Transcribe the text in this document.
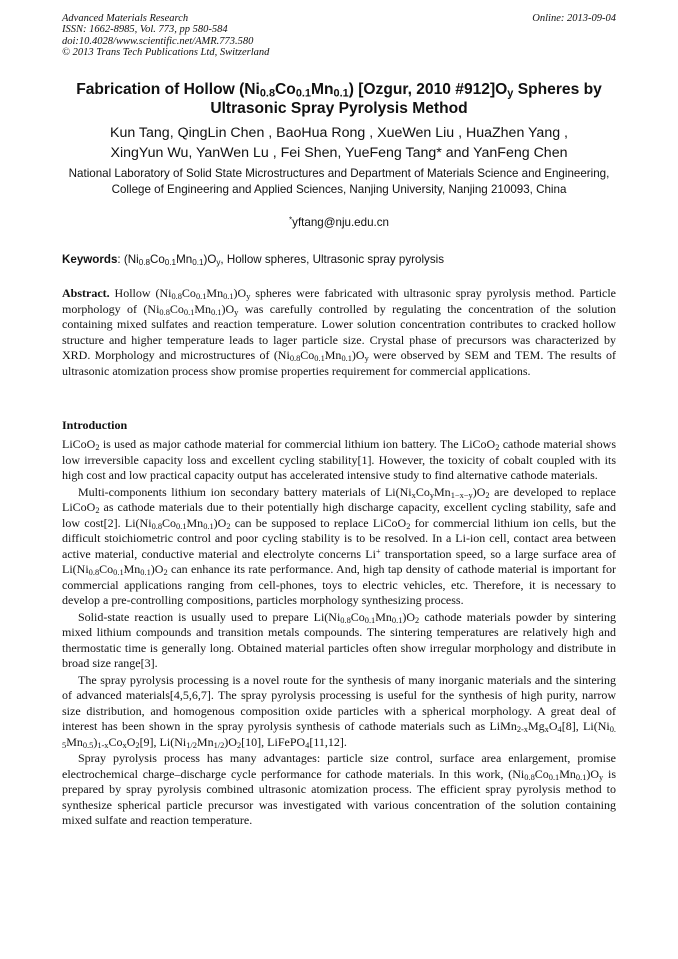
Advanced Materials Research
ISSN: 1662-8985, Vol. 773, pp 580-584
doi:10.4028/www.scientific.net/AMR.773.580
© 2013 Trans Tech Publications Ltd, Switzerland
Online: 2013-09-04
Fabrication of Hollow $(Ni_{0.8}Co_{0.1}Mn_{0.1})$ [Ozgur, 2010 $\#912]O_y$ Spheres by Ultrasonic Spray Pyrolysis Method
Kun Tang, QingLin Chen , BaoHua Rong , XueWen Liu , HuaZhen Yang ,
XingYun Wu, YanWen Lu , Fei Shen, YueFeng Tang* and YanFeng Chen
National Laboratory of Solid State Microstructures and Department of Materials Science and Engineering, College of Engineering and Applied Sciences, Nanjing University, Nanjing 210093, China
*yftang@nju.edu.cn
Keywords: $(Ni_{0.8}Co_{0.1}Mn_{0.1})O_y$, Hollow spheres, Ultrasonic spray pyrolysis
Abstract. Hollow $(Ni_{0.8}Co_{0.1}Mn_{0.1})O_y$ spheres were fabricated with ultrasonic spray pyrolysis method. Particle morphology of $(Ni_{0.8}Co_{0.1}Mn_{0.1})O_y$ was carefully controlled by regulating the concentration of the solution containing mixed sulfates and reaction temperature. Lower solution concentration contributes to cracked hollow structure and higher temperature leads to lager particle size. Crystal phase of precursors was characterized by XRD. Morphology and microstructures of $(Ni_{0.8}Co_{0.1}Mn_{0.1})O_y$ were observed by SEM and TEM. The results of ultrasonic atomization process show promise properties requirement for commercial applications.
Introduction

LiCoO$_2$ is used as major cathode material for commercial lithium ion battery. The LiCoO$_2$ cathode material shows low irreversible capacity loss and excellent cycling stability[1]. However, the toxicity of cobalt coupled with its high cost and low practical capacity output has accelerated intensive study to find alternative cathode materials.

Multi-components lithium ion secondary battery materials of $Li(Ni_xCo_yMn_{1-x-y})O_2$ are developed to replace LiCoO$_2$ as cathode materials due to their potentially high discharge capacity, excellent cycling stability, safe and low cost[2]. $Li(Ni_{0.8}Co_{0.1}Mn_{0.1})O_2$ can be supposed to replace LiCoO$_2$ for commercial lithium ion cells, but the difficult stoichiometric control and poor cycling stability is to be resolved. In a Li-ion cell, contact area between active material, conductive material and electrolyte concerns Li+ transportation speed, so a large surface area of $Li(Ni_{0.8}Co_{0.1}Mn_{0.1})O_2$ can enhance its rate performance. And, high tap density of cathode material is important for commercial applications ranging from cell-phones, toys to electric vehicles, etc. Therefore, it is necessary to develop a pre-controlling compositions, particles morphology synthesizing process.

Solid-state reaction is usually used to prepare $Li(Ni_{0.8}Co_{0.1}Mn_{0.1})O_2$ cathode materials powder by sintering mixed lithium compounds and transition metals compounds. The sintering temperatures are relatively high and thermostatic time is generally long. Obtained material particles often show irregular morphology and distribute in broad size range[3].

The spray pyrolysis processing is a novel route for the synthesis of many inorganic materials and the sintering of advanced materials[4,5,6,7]. The spray pyrolysis processing is useful for the synthesis of high purity, narrow size distribution, and homogenous composition oxide particles with a spherical morphology. A great deal of interest has been shown in the spray pyrolysis synthesis of cathode materials such as $LiMn_{2-x}Mg_xO_4[8]$, $Li(Ni_{0. 5}Mn_{0.5})_{1-x}Co_xO_2[9]$, $Li(Ni_{1/2}Mn_{1/2})O_2[10]$, LiFePO$_4$[11,12].

Spray pyrolysis process has many advantages: particle size control, surface area enlargement, promise electrochemical charge–discharge cycle performance for cathode materials. In this work, $(Ni_{0.8}Co_{0.1}Mn_{0.1})O_y$ is prepared by spray pyrolysis combined ultrasonic atomization process. The efficient spray pyrolysis method to synthesize spherical particle precursor was investigated with various concentration of the solution containing mixed sulfate and reaction temperature.
